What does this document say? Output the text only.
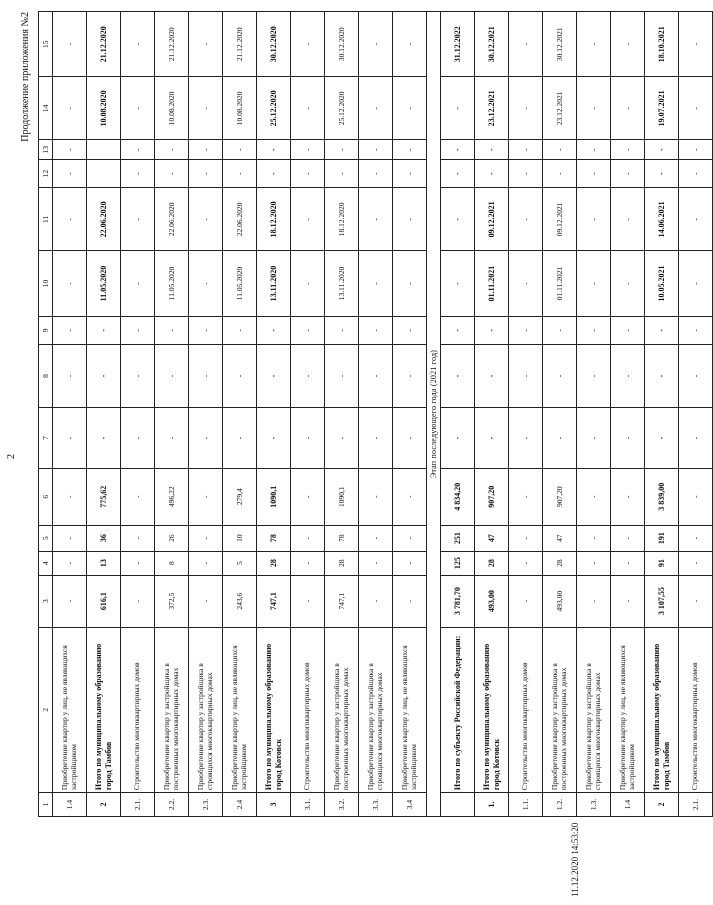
2
Продолжение приложения №2
1	2	3	4	5	6	7	8	9	10	11	12	13	14	15
1.4	Приобретение квартир у лиц, не являющихся застройщиком	-	-	-	-	-	-	-	-	-	-	-	-	-
2	Итого по муниципальному образованию город Тамбов	616,1	13	36	775,62	-	-	-	11.05.2020	22.06.2020			10.08.2020	21.12.2020
2.1.	Строительство многоквартирных домов	-	-	-	-	-	-	-	-	-	-	-	-	-
2.2.	Приобретение квартир у застройщика в построенных многоквартирных домах	372,5	8	26	496,22	-	-	-	11.05.2020	22.06.2020	-	-	10.08.2020	21.12.2020
2.3.	Приобретение квартир у застройщика в строящихся многоквартирных домах	-	-	-	-	-	-	-	-	-	-	-	-	-
2.4	Приобретение квартир у лиц, не являющихся застройщиком	243,6	5	10	279,4	-	-	-	11.05.2020	22.06.2020	-	-	10.08.2020	21.12.2020
3	Итого по муниципальному образованию город Котовск	747,1	28	78	1090,1	-	-	-	13.11.2020	18.12.2020	-	-	25.12.2020	30.12.2020
3.1.	Строительство многоквартирных домов	-	-	-	-	-	-	-	-	-	-	-	-	-
3.2.	Приобретение квартир у застройщика в построенных многоквартирных домах	747,1	28	78	1090,1	-	-	-	13.11.2020	18.12.2020	-	-	25.12.2020	30.12.2020
3.3.	Приобретение квартир у застройщика в строящихся многоквартирных домах	-	-	-	-	-	-	-	-	-	-	-	-	-
3.4	Приобретение квартир у лиц, не являющихся застройщиком	-	-	-	-	-	-	-	-	-	-	-	-	-
Этап последующего года (2021 год)														
	Итого по субъекту Российской Федерации:	3 781,70	125	251	4 834,20	-	-	-	-	-	-	-	-	31.12.2022
1.	Итого по муниципальному образованию город Котовск	493,00	28	47	907,20	-	-	-	01.11.2021	09.12.2021	-	-	23.12.2021	30.12.2021
1.1.	Строительство многоквартирных домов	-	-	-	-	-	-	-	-	-	-	-	-	-
1.2.	Приобретение квартир у застройщика в построенных многоквартирных домах	493,00	28	47	907,20	-	-	-	01.11.2021	09.12.2021	-	-	23.12.2021	30.12.2021
1.3.	Приобретение квартир у застройщика в строящихся многоквартирных домах	-	-	-	-	-	-	-	-	-	-	-	-	-
1.4	Приобретение квартир у лиц, не являющихся застройщиком	-	-	-	-	-	-	-	-	-	-	-	-	-
2	Итого по муниципальному образованию город Тамбов	3 107,55	91	191	3 839,00	-	-	-	10.05.2021	14.06.2021	-	-	19.07.2021	18.10.2021
2.1.	Строительство многоквартирных домов	-	-	-	-	-	-	-	-	-	-	-	-	-
11.12.2020 14:53:20
